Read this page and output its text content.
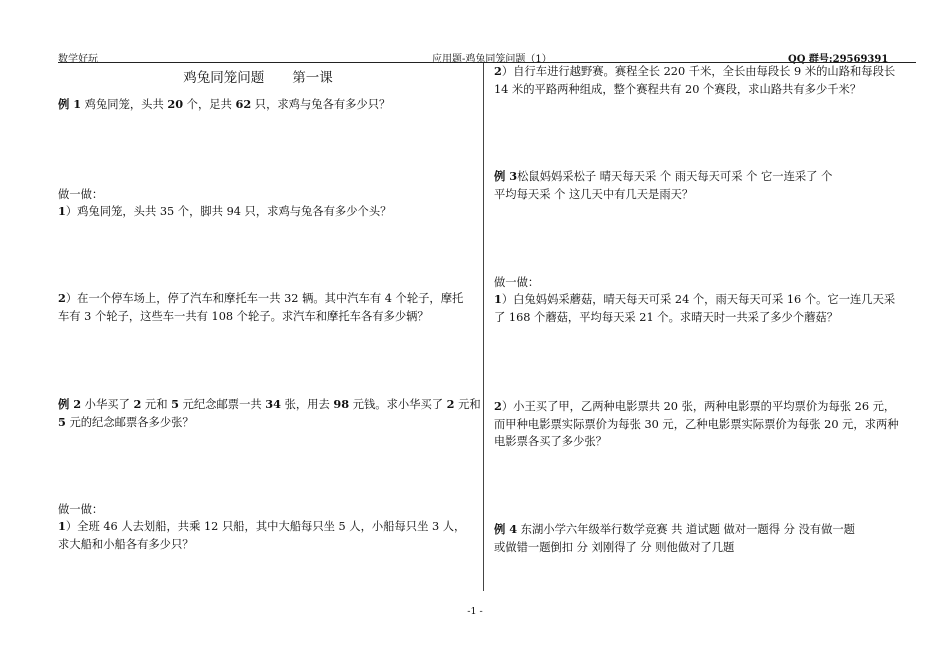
数学好玩	应用题-鸡兔同笼问题（1）	QQ 群号:29569391
鸡兔同笼问题 第一课
例 1 鸡兔同笼，头共 20 个，足共 62 只，求鸡与兔各有多少只？
做一做：
1）鸡兔同笼，头共 35 个，脚共 94 只，求鸡与兔各有多少个头？
2）在一个停车场上，停了汽车和摩托车一共 32 辆。其中汽车有 4 个轮子，摩托
车有 3 个轮子，这些车一共有 108 个轮子。求汽车和摩托车各有多少辆？
例 2 小华买了 2 元和 5 元纪念邮票一共 34 张，用去 98 元钱。求小华买了 2 元和
5 元的纪念邮票各多少张？
做一做：
1）全班 46 人去划船，共乘 12 只船，其中大船每只坐 5 人，小船每只坐 3 人，
求大船和小船各有多少只？
2）自行车进行越野赛。赛程全长 220 千米，全长由每段长 9 米的山路和每段长
14 米的平路两种组成，整个赛程共有 20 个赛段，求山路共有多少千米？
例 3松鼠妈妈采松子 晴天每天采 个 雨天每天可采 个 它一连采了 个
平均每天采 个 这几天中有几天是雨天？
做一做：
1）白兔妈妈采蘑菇，晴天每天可采 24 个，雨天每天可采 16 个。它一连几天采
了 168 个蘑菇，平均每天采 21 个。求晴天时一共采了多少个蘑菇？
2）小王买了甲，乙两种电影票共 20 张，两种电影票的平均票价为每张 26 元，
而甲种电影票实际票价为每张 30 元，乙种电影票实际票价为每张 20 元，求两种
电影票各买了多少张？
例 4 东湖小学六年级举行数学竞赛 共 道试题 做对一题得 分 没有做一题
或做错一题倒扣 分 刘刚得了 分 则他做对了几题
-1 -
